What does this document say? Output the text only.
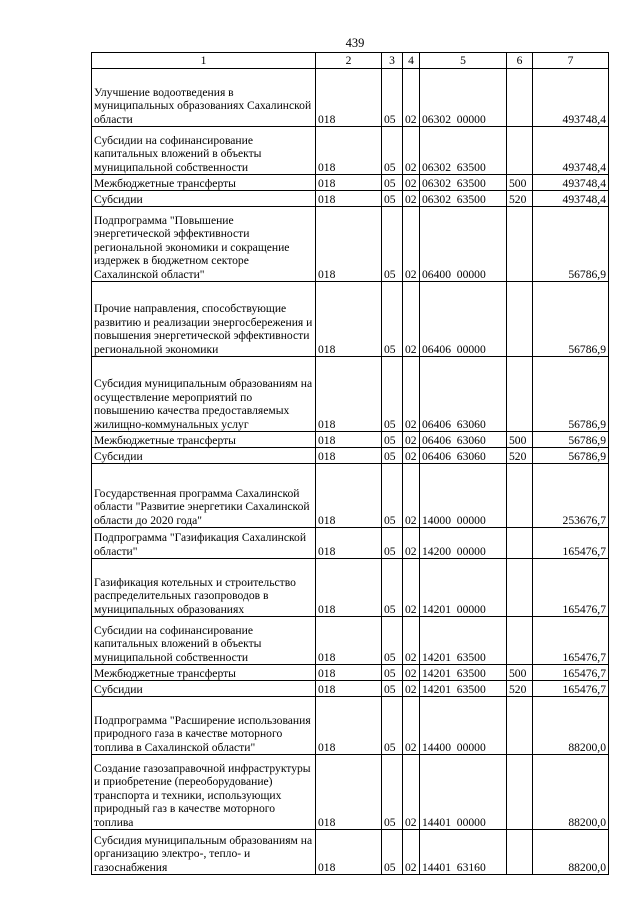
439
1	2	3	4	5	6	7
Улучшение водоотведения в муниципальных образованиях Сахалинской области	018	05	02	06302  00000		493748,4
Субсидии на софинансирование капитальных вложений в объекты муниципальной собственности	018	05	02	06302  63500		493748,4
Межбюджетные трансферты	018	05	02	06302  63500	500	493748,4
Субсидии	018	05	02	06302  63500	520	493748,4
Подпрограмма "Повышение энергетической эффективности региональной экономики и сокращение издержек в бюджетном секторе Сахалинской области"	018	05	02	06400  00000		56786,9
Прочие направления, способствующие развитию и реализации энергосбережения и повышения энергетической эффективности региональной экономики	018	05	02	06406  00000		56786,9
Субсидия муниципальным образованиям на осуществление мероприятий по повышению качества предоставляемых жилищно-коммунальных услуг	018	05	02	06406  63060		56786,9
Межбюджетные трансферты	018	05	02	06406  63060	500	56786,9
Субсидии	018	05	02	06406  63060	520	56786,9
Государственная программа Сахалинской области "Развитие энергетики Сахалинской области до 2020 года"	018	05	02	14000  00000		253676,7
Подпрограмма "Газификация Сахалинской области"	018	05	02	14200  00000		165476,7
Газификация котельных и строительство распределительных газопроводов в муниципальных образованиях	018	05	02	14201  00000		165476,7
Субсидии на софинансирование капитальных вложений в объекты муниципальной собственности	018	05	02	14201  63500		165476,7
Межбюджетные трансферты	018	05	02	14201  63500	500	165476,7
Субсидии	018	05	02	14201  63500	520	165476,7
Подпрограмма "Расширение использования природного газа в качестве моторного топлива в Сахалинской области"	018	05	02	14400  00000		88200,0
Создание газозаправочной инфраструктуры и приобретение (переоборудование) транспорта и техники, использующих природный газ в качестве моторного топлива	018	05	02	14401  00000		88200,0
Субсидия муниципальным образованиям на организацию электро-, тепло- и газоснабжения	018	05	02	14401  63160		88200,0
